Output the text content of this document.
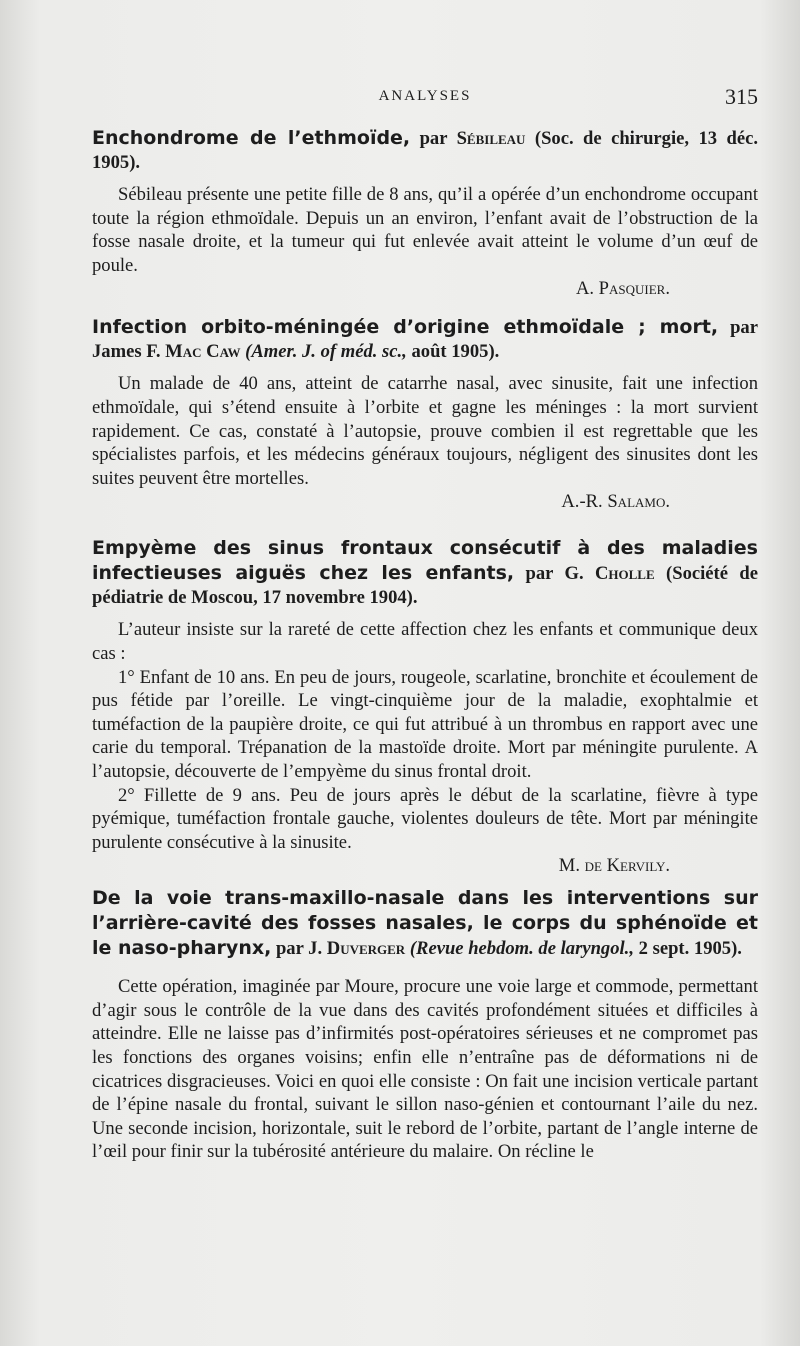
ANALYSES	315
Enchondrome de l’ethmoïde, par Sébileau (Soc. de chirurgie, 13 déc. 1905).

Sébileau présente une petite fille de 8 ans, qu’il a opérée d’un enchondrome occupant toute la région ethmoïdale. Depuis un an environ, l’enfant avait de l’obstruction de la fosse nasale droite, et la tumeur qui fut enlevée avait atteint le volume d’un œuf de poule.

A. Pasquier.
Infection orbito-méningée d’origine ethmoïdale ; mort, par James F. Mac Caw (Amer. J. of méd. sc., août 1905).

Un malade de 40 ans, atteint de catarrhe nasal, avec sinusite, fait une infection ethmoïdale, qui s’étend ensuite à l’orbite et gagne les méninges : la mort survient rapidement. Ce cas, constaté à l’autopsie, prouve combien il est regrettable que les spécialistes parfois, et les médecins généraux toujours, négligent des sinusites dont les suites peuvent être mortelles.

A.-R. Salamo.
Empyème des sinus frontaux consécutif à des maladies infectieuses aiguës chez les enfants, par G. Cholle (Société de pédiatrie de Moscou, 17 novembre 1904).

L’auteur insiste sur la rareté de cette affection chez les enfants et communique deux cas :

1° Enfant de 10 ans. En peu de jours, rougeole, scarlatine, bronchite et écoulement de pus fétide par l’oreille. Le vingt-cinquième jour de la maladie, exophtalmie et tuméfaction de la paupière droite, ce qui fut attribué à un thrombus en rapport avec une carie du temporal. Trépanation de la mastoïde droite. Mort par méningite purulente. A l’autopsie, découverte de l’empyème du sinus frontal droit.

2° Fillette de 9 ans. Peu de jours après le début de la scarlatine, fièvre à type pyémique, tuméfaction frontale gauche, violentes douleurs de tête. Mort par méningite purulente consécutive à la sinusite.

M. de Kervily.
De la voie trans-maxillo-nasale dans les interventions sur l’arrière-cavité des fosses nasales, le corps du sphénoïde et le naso-pharynx, par J. Duverger (Revue hebdom. de laryngol., 2 sept. 1905).

Cette opération, imaginée par Moure, procure une voie large et commode, permettant d’agir sous le contrôle de la vue dans des cavités profondément situées et difficiles à atteindre. Elle ne laisse pas d’infirmités post-opératoires sérieuses et ne compromet pas les fonctions des organes voisins; enfin elle n’entraîne pas de déformations ni de cicatrices disgracieuses. Voici en quoi elle consiste : On fait une incision verticale partant de l’épine nasale du frontal, suivant le sillon naso-génien et contournant l’aile du nez. Une seconde incision, horizontale, suit le rebord de l’orbite, partant de l’angle interne de l’œil pour finir sur la tubérosité antérieure du malaire. On récline le
